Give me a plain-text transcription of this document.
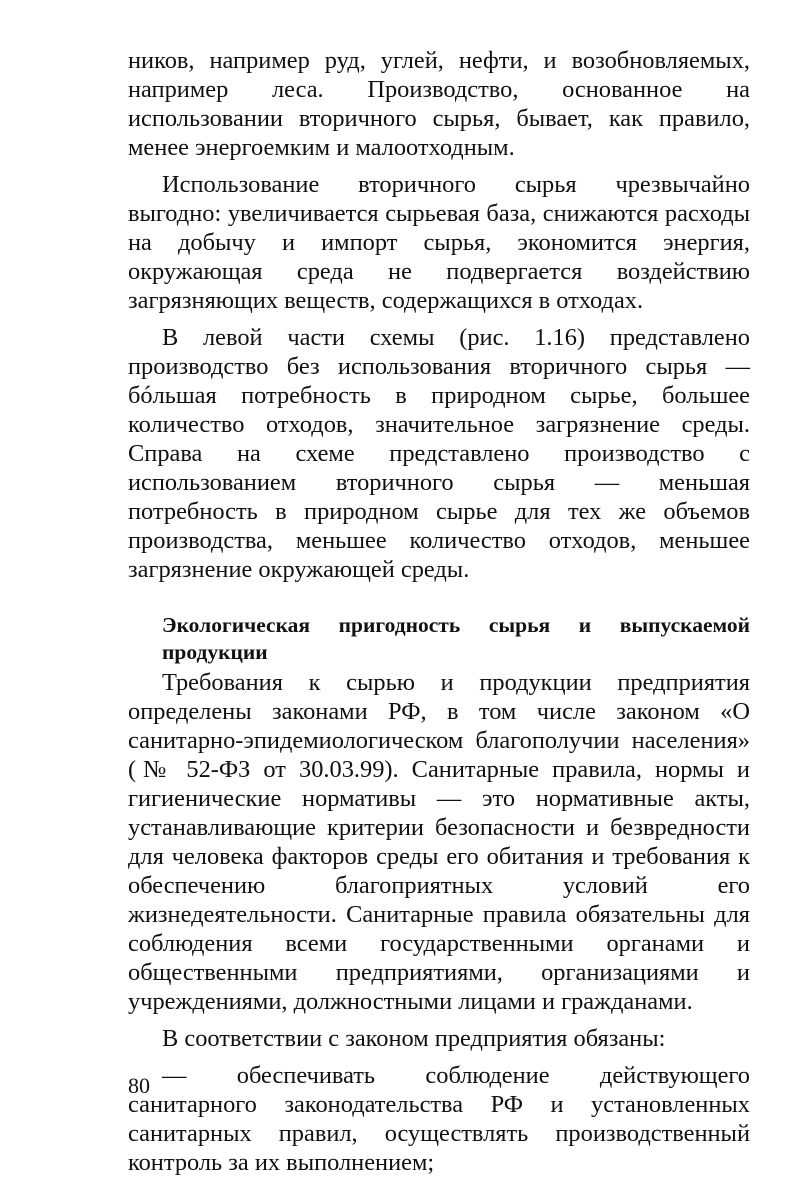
ников, например руд, углей, нефти, и возобновляемых, например леса. Производство, основанное на использовании вторичного сырья, бывает, как правило, менее энергоемким и малоотходным.

Использование вторичного сырья чрезвычайно выгодно: увеличивается сырьевая база, снижаются расходы на добычу и импорт сырья, экономится энергия, окружающая среда не подвергается воздействию загрязняющих веществ, содержащихся в отходах.

В левой части схемы (рис. 1.16) представлено производство без использования вторичного сырья — бóльшая потребность в природном сырье, большее количество отходов, значительное загрязнение среды. Справа на схеме представлено производство с использованием вторичного сырья — меньшая потребность в природном сырье для тех же объемов производства, меньшее количество отходов, меньшее загрязнение окружающей среды.

Экологическая пригодность сырья и выпускаемой продукции

Требования к сырью и продукции предприятия определены законами РФ, в том числе законом «О санитарно-эпидемиологическом благополучии населения» (№ 52-ФЗ от 30.03.99). Санитарные правила, нормы и гигиенические нормативы — это нормативные акты, устанавливающие критерии безопасности и безвредности для человека факторов среды его обитания и требования к обеспечению благоприятных условий его жизнедеятельности. Санитарные правила обязательны для соблюдения всеми государственными органами и общественными предприятиями, организациями и учреждениями, должностными лицами и гражданами.

В соответствии с законом предприятия обязаны:

— обеспечивать соблюдение действующего санитарного законодательства РФ и установленных санитарных правил, осуществлять производственный контроль за их выполнением;

80
